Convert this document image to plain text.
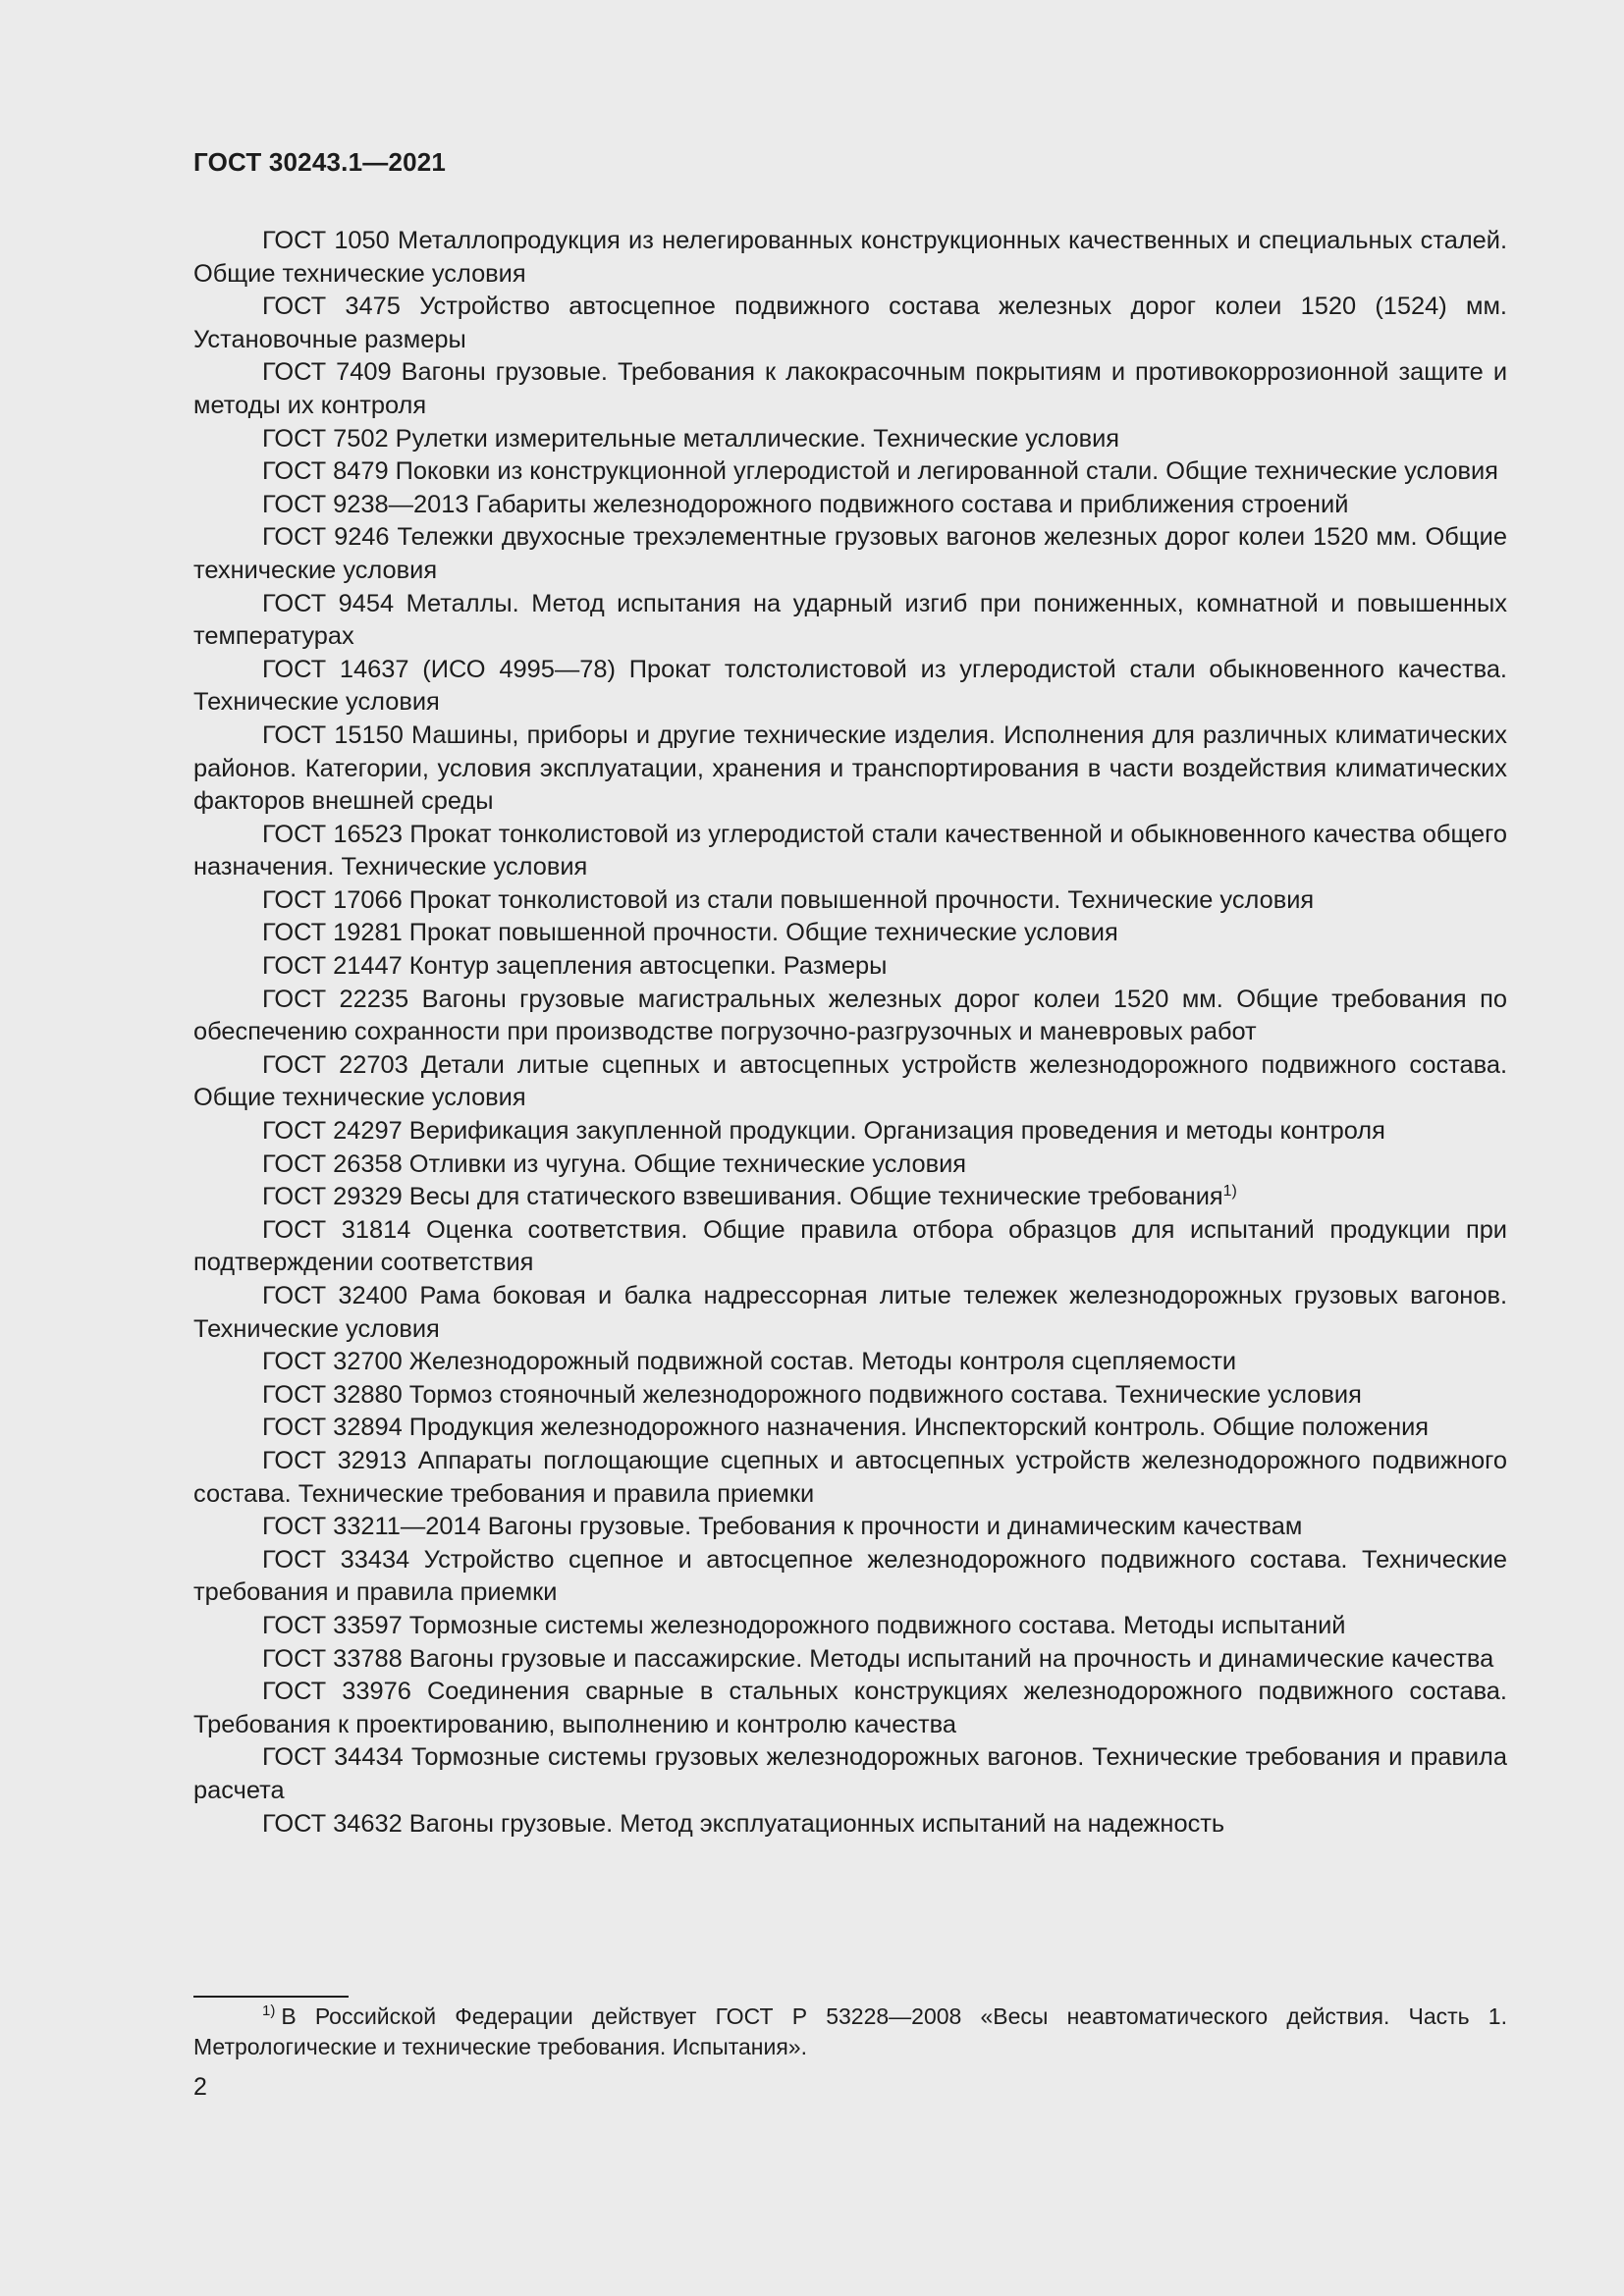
ГОСТ 30243.1—2021

ГОСТ 1050 Металлопродукция из нелегированных конструкционных качественных и специальных сталей. Общие технические условия

ГОСТ 3475 Устройство автосцепное подвижного состава железных дорог колеи 1520 (1524) мм. Установочные размеры

ГОСТ 7409 Вагоны грузовые. Требования к лакокрасочным покрытиям и противокоррозионной защите и методы их контроля

ГОСТ 7502 Рулетки измерительные металлические. Технические условия

ГОСТ 8479 Поковки из конструкционной углеродистой и легированной стали. Общие технические условия

ГОСТ 9238—2013 Габариты железнодорожного подвижного состава и приближения строений

ГОСТ 9246 Тележки двухосные трехэлементные грузовых вагонов железных дорог колеи 1520 мм. Общие технические условия

ГОСТ 9454 Металлы. Метод испытания на ударный изгиб при пониженных, комнатной и повышенных температурах

ГОСТ 14637 (ИСО 4995—78) Прокат толстолистовой из углеродистой стали обыкновенного качества. Технические условия

ГОСТ 15150 Машины, приборы и другие технические изделия. Исполнения для различных климатических районов. Категории, условия эксплуатации, хранения и транспортирования в части воздействия климатических факторов внешней среды

ГОСТ 16523 Прокат тонколистовой из углеродистой стали качественной и обыкновенного качества общего назначения. Технические условия

ГОСТ 17066 Прокат тонколистовой из стали повышенной прочности. Технические условия

ГОСТ 19281 Прокат повышенной прочности. Общие технические условия

ГОСТ 21447 Контур зацепления автосцепки. Размеры

ГОСТ 22235 Вагоны грузовые магистральных железных дорог колеи 1520 мм. Общие требования по обеспечению сохранности при производстве погрузочно-разгрузочных и маневровых работ

ГОСТ 22703 Детали литые сцепных и автосцепных устройств железнодорожного подвижного состава. Общие технические условия

ГОСТ 24297 Верификация закупленной продукции. Организация проведения и методы контроля

ГОСТ 26358 Отливки из чугуна. Общие технические условия

ГОСТ 29329 Весы для статического взвешивания. Общие технические требования$^{1)}$

ГОСТ 31814 Оценка соответствия. Общие правила отбора образцов для испытаний продукции при подтверждении соответствия

ГОСТ 32400 Рама боковая и балка надрессорная литые тележек железнодорожных грузовых вагонов. Технические условия

ГОСТ 32700 Железнодорожный подвижной состав. Методы контроля сцепляемости

ГОСТ 32880 Тормоз стояночный железнодорожного подвижного состава. Технические условия

ГОСТ 32894 Продукция железнодорожного назначения. Инспекторский контроль. Общие положения

ГОСТ 32913 Аппараты поглощающие сцепных и автосцепных устройств железнодорожного подвижного состава. Технические требования и правила приемки

ГОСТ 33211—2014 Вагоны грузовые. Требования к прочности и динамическим качествам

ГОСТ 33434 Устройство сцепное и автосцепное железнодорожного подвижного состава. Технические требования и правила приемки

ГОСТ 33597 Тормозные системы железнодорожного подвижного состава. Методы испытаний

ГОСТ 33788 Вагоны грузовые и пассажирские. Методы испытаний на прочность и динамические качества

ГОСТ 33976 Соединения сварные в стальных конструкциях железнодорожного подвижного состава. Требования к проектированию, выполнению и контролю качества

ГОСТ 34434 Тормозные системы грузовых железнодорожных вагонов. Технические требования и правила расчета

ГОСТ 34632 Вагоны грузовые. Метод эксплуатационных испытаний на надежность

$^{1)}$ В Российской Федерации действует ГОСТ Р 53228—2008 «Весы неавтоматического действия. Часть 1. Метрологические и технические требования. Испытания».

2
